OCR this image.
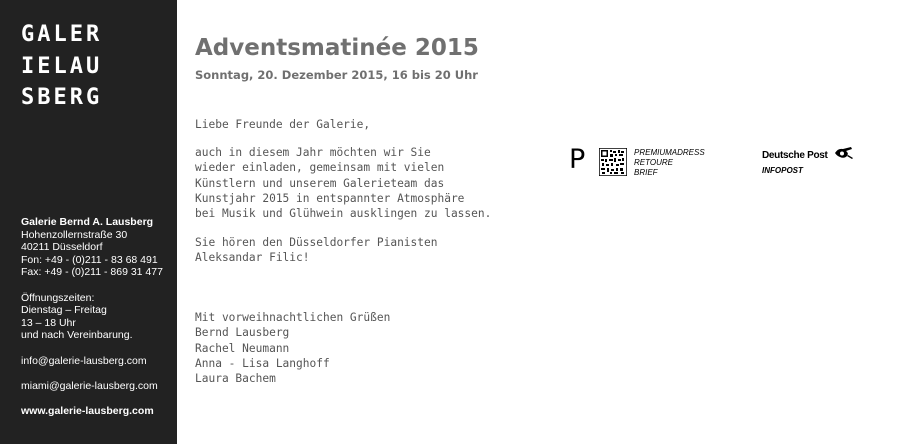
GALER
IELAU
SBERG
Galerie Bernd A. Lausberg
Hohenzollernstraße 30
40211 Düsseldorf
Fon: +49 - (0)211 - 83 68 491
Fax: +49 - (0)211 - 869 31 477
Öffnungszeiten:
Dienstag – Freitag
13 – 18 Uhr
und nach Vereinbarung.
info@galerie-lausberg.com
miami@galerie-lausberg.com
www.galerie-lausberg.com
Adventsmatinée 2015
Sonntag, 20. Dezember 2015, 16 bis 20 Uhr
Liebe Freunde der Galerie,
auch in diesem Jahr möchten wir Sie
wieder einladen, gemeinsam mit vielen
Künstlern und unserem Galerieteam das
Kunstjahr 2015 in entspannter Atmosphäre
bei Musik und Glühwein ausklingen zu lassen.
Sie hören den Düsseldorfer Pianisten
Aleksandar Filic!
Mit vorweihnachtlichen Grüßen
Bernd Lausberg
Rachel Neumann
Anna - Lisa Langhoff
Laura Bachem
P	PREMIUMADRESS
RETOURE
BRIEF
Deutsche Post
INFOPOST
